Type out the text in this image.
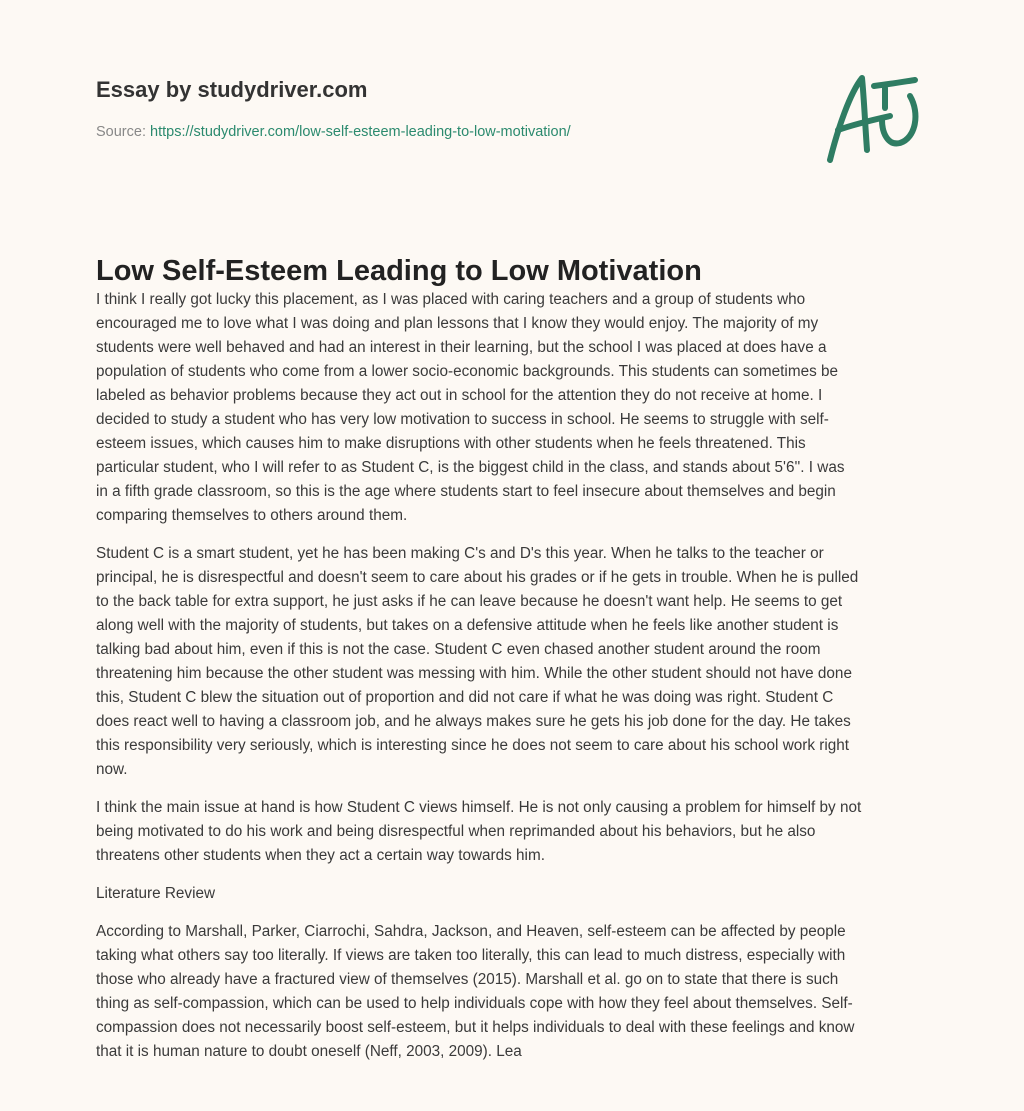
Essay by studydriver.com
Source: https://studydriver.com/low-self-esteem-leading-to-low-motivation/
Low Self-Esteem Leading to Low Motivation

I think I really got lucky this placement, as I was placed with caring teachers and a group of students who
encouraged me to love what I was doing and plan lessons that I know they would enjoy. The majority of my
students were well behaved and had an interest in their learning, but the school I was placed at does have a
population of students who come from a lower socio-economic backgrounds. This students can sometimes be
labeled as behavior problems because they act out in school for the attention they do not receive at home. I
decided to study a student who has very low motivation to success in school. He seems to struggle with self-
esteem issues, which causes him to make disruptions with other students when he feels threatened. This
particular student, who I will refer to as Student C, is the biggest child in the class, and stands about 5'6''. I was
in a fifth grade classroom, so this is the age where students start to feel insecure about themselves and begin
comparing themselves to others around them.

Student C is a smart student, yet he has been making C's and D's this year. When he talks to the teacher or
principal, he is disrespectful and doesn't seem to care about his grades or if he gets in trouble. When he is pulled
to the back table for extra support, he just asks if he can leave because he doesn't want help. He seems to get
along well with the majority of students, but takes on a defensive attitude when he feels like another student is
talking bad about him, even if this is not the case. Student C even chased another student around the room
threatening him because the other student was messing with him. While the other student should not have done
this, Student C blew the situation out of proportion and did not care if what he was doing was right. Student C
does react well to having a classroom job, and he always makes sure he gets his job done for the day. He takes
this responsibility very seriously, which is interesting since he does not seem to care about his school work right
now.

I think the main issue at hand is how Student C views himself. He is not only causing a problem for himself by not
being motivated to do his work and being disrespectful when reprimanded about his behaviors, but he also
threatens other students when they act a certain way towards him.

Literature Review

According to Marshall, Parker, Ciarrochi, Sahdra, Jackson, and Heaven, self-esteem can be affected by people
taking what others say too literally. If views are taken too literally, this can lead to much distress, especially with
those who already have a fractured view of themselves (2015). Marshall et al. go on to state that there is such
thing as self-compassion, which can be used to help individuals cope with how they feel about themselves. Self-
compassion does not necessarily boost self-esteem, but it helps individuals to deal with these feelings and know
that it is human nature to doubt oneself (Neff, 2003, 2009). Lea
